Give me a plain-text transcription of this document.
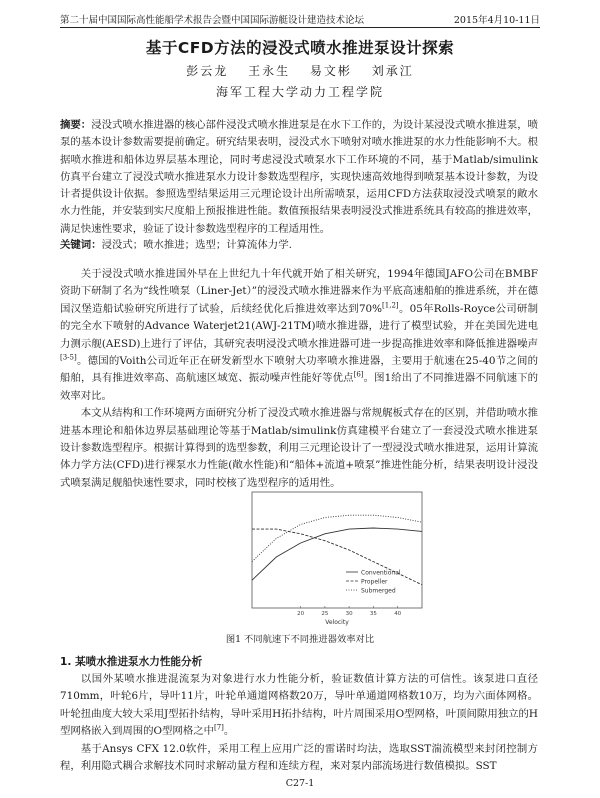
第二十届中国国际高性能船学术报告会暨中国国际游艇设计建造技术论坛	2015年4月10-11日
基于CFD方法的浸没式喷水推进泵设计探索
彭云龙 王永生 易文彬 刘承江
海军工程大学动力工程学院
摘要：浸没式喷水推进器的核心部件浸没式喷水推进泵是在水下工作的，为设计某浸没式喷水推进泵，喷泵的基本设计参数需要提前确定。研究结果表明，浸没式水下喷射对喷水推进泵的水力性能影响不大。根据喷水推进和船体边界层基本理论，同时考虑浸没式喷泵水下工作环境的不同，基于Matlab/simulink仿真平台建立了浸没式喷水推进泵水力设计参数选型程序，实现快速高效地得到喷泵基本设计参数，为设计者提供设计依据。参照选型结果运用三元理论设计出所需喷泵，运用CFD方法获取浸没式喷泵的敞水水力性能，并安装到实尺度船上预报推进性能。数值预报结果表明浸没式推进系统具有较高的推进效率，满足快速性要求，验证了设计参数选型程序的工程适用性。
关键词：浸没式；喷水推进；选型；计算流体力学.

关于浸没式喷水推进国外早在上世纪九十年代就开始了相关研究，1994年德国JAFO公司在BMBF资助下研制了名为“线性喷泵（Liner-Jet）”的浸没式喷水推进器来作为平底高速船舶的推进系统，并在德国汉堡造船试验研究所进行了试验，后续经优化后推进效率达到70%[1,2]。05年Rolls-Royce公司研制的完全水下喷射的Advance Waterjet21(AWJ-21TM)喷水推进器，进行了模型试验，并在美国先进电力测示舰(AESD)上进行了评估，其研究表明浸没式喷水推进器可进一步提高推进效率和降低推进器噪声[3-5]。德国的Voith公司近年正在研发新型水下喷射大功率喷水推进器，主要用于航速在25-40节之间的船舶，具有推进效率高、高航速区域宽、振动噪声性能好等优点[6]。图1给出了不同推进器不同航速下的效率对比。

本文从结构和工作环境两方面研究分析了浸没式喷水推进器与常规艉板式存在的区别，并借助喷水推进基本理论和船体边界层基础理论等基于Matlab/simulink仿真建模平台建立了一套浸没式喷水推进泵设计参数选型程序。根据计算得到的选型参数，利用三元理论设计了一型浸没式喷水推进泵，运用计算流体力学方法(CFD)进行裸泵水力性能(敞水性能)和“船体+流道+喷泵”推进性能分析，结果表明设计浸没式喷泵满足舰船快速性要求，同时校核了选型程序的适用性。

20	25	30	35	40
Conventional
Propeller
Submerged
Velocity
图1 不同航速下不同推进器效率对比
1. 某喷水推进泵水力性能分析

以国外某喷水推进混流泵为对象进行水力性能分析，验证数值计算方法的可信性。该泵进口直径710mm，叶轮6片，导叶11片，叶轮单通道网格数20万，导叶单通道网格数10万，均为六面体网格。叶轮扭曲度大较大采用J型拓扑结构，导叶采用H拓扑结构，叶片周围采用O型网格，叶顶间隙用独立的H型网格嵌入到周围的O型网格之中[7]。

基于Ansys CFX 12.0软件，采用工程上应用广泛的雷诺时均法，选取SST湍流模型来封闭控制方程，利用隐式耦合求解技术同时求解动量方程和连续方程，来对泵内部流场进行数值模拟。SST

C27-1
